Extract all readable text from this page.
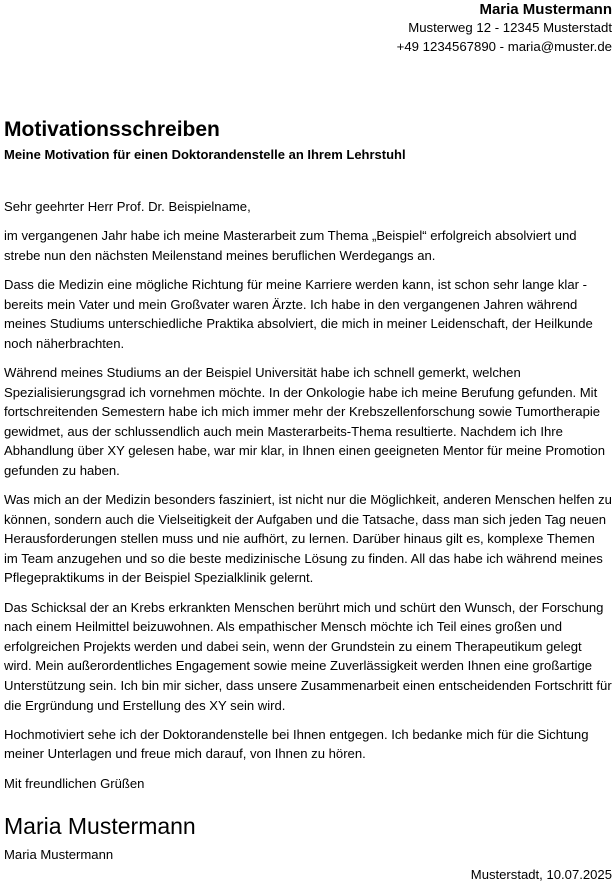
Maria Mustermann
Musterweg 12 - 12345 Musterstadt
+49 1234567890 - maria@muster.de
Motivationsschreiben
Meine Motivation für einen Doktorandenstelle an Ihrem Lehrstuhl

Sehr geehrter Herr Prof. Dr. Beispielname,

im vergangenen Jahr habe ich meine Masterarbeit zum Thema „Beispiel“ erfolgreich absolviert und strebe nun den nächsten Meilenstand meines beruflichen Werdegangs an.

Dass die Medizin eine mögliche Richtung für meine Karriere werden kann, ist schon sehr lange klar - bereits mein Vater und mein Großvater waren Ärzte. Ich habe in den vergangenen Jahren während meines Studiums unterschiedliche Praktika absolviert, die mich in meiner Leidenschaft, der Heilkunde noch näherbrachten.

Während meines Studiums an der Beispiel Universität habe ich schnell gemerkt, welchen Spezialisierungsgrad ich vornehmen möchte. In der Onkologie habe ich meine Berufung gefunden. Mit fortschreitenden Semestern habe ich mich immer mehr der Krebszellenforschung sowie Tumortherapie gewidmet, aus der schlussendlich auch mein Masterarbeits-Thema resultierte. Nachdem ich Ihre Abhandlung über XY gelesen habe, war mir klar, in Ihnen einen geeigneten Mentor für meine Promotion gefunden zu haben.

Was mich an der Medizin besonders fasziniert, ist nicht nur die Möglichkeit, anderen Menschen helfen zu können, sondern auch die Vielseitigkeit der Aufgaben und die Tatsache, dass man sich jeden Tag neuen Herausforderungen stellen muss und nie aufhört, zu lernen. Darüber hinaus gilt es, komplexe Themen im Team anzugehen und so die beste medizinische Lösung zu finden. All das habe ich während meines Pflegepraktikums in der Beispiel Spezialklinik gelernt.

Das Schicksal der an Krebs erkrankten Menschen berührt mich und schürt den Wunsch, der Forschung nach einem Heilmittel beizuwohnen. Als empathischer Mensch möchte ich Teil eines großen und erfolgreichen Projekts werden und dabei sein, wenn der Grundstein zu einem Therapeutikum gelegt wird. Mein außerordentliches Engagement sowie meine Zuverlässigkeit werden Ihnen eine großartige Unterstützung sein. Ich bin mir sicher, dass unsere Zusammenarbeit einen entscheidenden Fortschritt für die Ergründung und Erstellung des XY sein wird.

Hochmotiviert sehe ich der Doktorandenstelle bei Ihnen entgegen. Ich bedanke mich für die Sichtung meiner Unterlagen und freue mich darauf, von Ihnen zu hören.

Mit freundlichen Grüßen

Maria Mustermann
Maria Mustermann
Musterstadt, 10.07.2025
